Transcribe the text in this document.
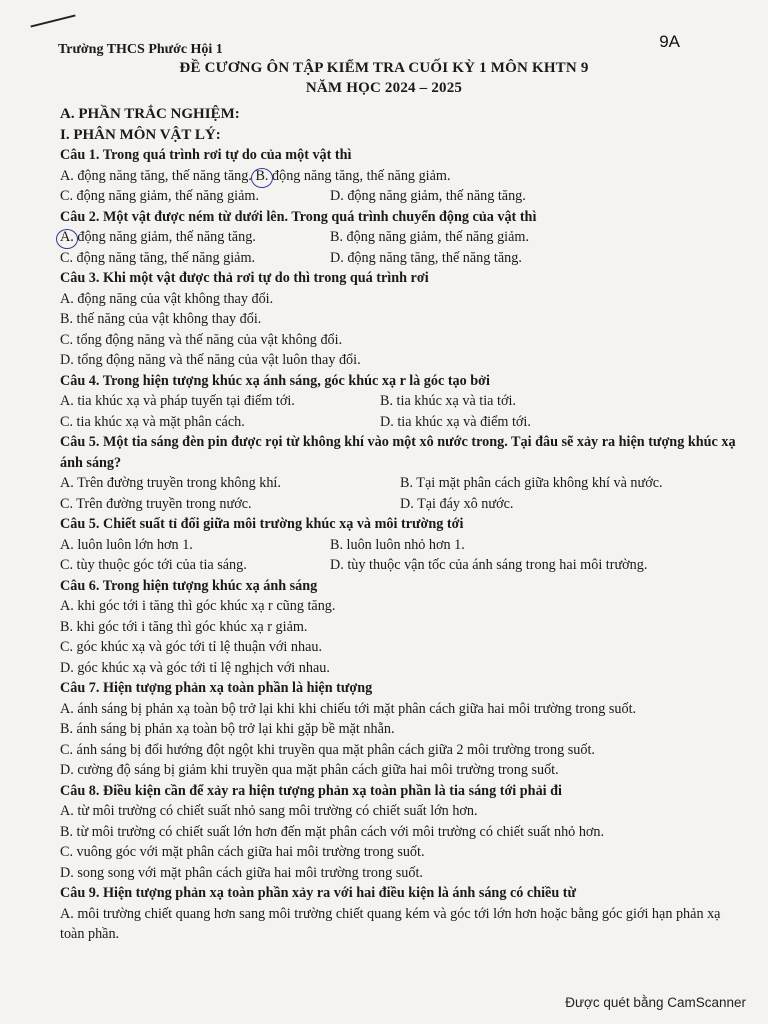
9A
Trường THCS Phước Hội 1
ĐỀ CƯƠNG ÔN TẬP KIỂM TRA CUỐI KỲ 1 MÔN KHTN 9
NĂM HỌC 2024 – 2025
A. PHẦN TRẮC NGHIỆM:
I. PHÂN MÔN VẬT LÝ:
Câu 1. Trong quá trình rơi tự do của một vật thì
A. động năng tăng, thế năng tăng. B. động năng tăng, thế năng giảm.
C. động năng giảm, thế năng giảm.	D. động năng giảm, thế năng tăng.
Câu 2. Một vật được ném từ dưới lên. Trong quá trình chuyển động của vật thì
A. động năng giảm, thế năng tăng.	B. động năng giảm, thế năng giảm.
C. động năng tăng, thế năng giảm.	D. động năng tăng, thế năng tăng.
Câu 3. Khi một vật được thả rơi tự do thì trong quá trình rơi
A. động năng của vật không thay đổi.
B. thế năng của vật không thay đổi.
C. tổng động năng và thế năng của vật không đổi.
D. tổng động năng và thế năng của vật luôn thay đổi.
Câu 4. Trong hiện tượng khúc xạ ánh sáng, góc khúc xạ r là góc tạo bởi
A. tia khúc xạ và pháp tuyến tại điểm tới.	B. tia khúc xạ và tia tới.
C. tia khúc xạ và mặt phân cách.	D. tia khúc xạ và điểm tới.
Câu 5. Một tia sáng đèn pin được rọi từ không khí vào một xô nước trong. Tại đâu sẽ xảy ra hiện tượng khúc xạ ánh sáng?
A. Trên đường truyền trong không khí.	B. Tại mặt phân cách giữa không khí và nước.
C. Trên đường truyền trong nước.	D. Tại đáy xô nước.
Câu 5. Chiết suất tỉ đối giữa môi trường khúc xạ và môi trường tới
A. luôn luôn lớn hơn 1.	B. luôn luôn nhỏ hơn 1.
C. tùy thuộc góc tới của tia sáng.	D. tùy thuộc vận tốc của ánh sáng trong hai môi trường.
Câu 6. Trong hiện tượng khúc xạ ánh sáng
A. khi góc tới i tăng thì góc khúc xạ r cũng tăng.
B. khi góc tới i tăng thì góc khúc xạ r giảm.
C. góc khúc xạ và góc tới tỉ lệ thuận với nhau.
D. góc khúc xạ và góc tới tỉ lệ nghịch với nhau.
Câu 7. Hiện tượng phản xạ toàn phần là hiện tượng
A. ánh sáng bị phản xạ toàn bộ trở lại khi khi chiếu tới mặt phân cách giữa hai môi trường trong suốt.
B. ánh sáng bị phản xạ toàn bộ trở lại khi gặp bề mặt nhẵn.
C. ánh sáng bị đổi hướng đột ngột khi truyền qua mặt phân cách giữa 2 môi trường trong suốt.
D. cường độ sáng bị giảm khi truyền qua mặt phân cách giữa hai môi trường trong suốt.
Câu 8. Điều kiện cần để xảy ra hiện tượng phản xạ toàn phần là tia sáng tới phải đi
A. từ môi trường có chiết suất nhỏ sang môi trường có chiết suất lớn hơn.
B. từ môi trường có chiết suất lớn hơn đến mặt phân cách với môi trường có chiết suất nhỏ hơn.
C. vuông góc với mặt phân cách giữa hai môi trường trong suốt.
D. song song với mặt phân cách giữa hai môi trường trong suốt.
Câu 9. Hiện tượng phản xạ toàn phần xảy ra với hai điều kiện là ánh sáng có chiều từ
A. môi trường chiết quang hơn sang môi trường chiết quang kém và góc tới lớn hơn hoặc bằng góc giới hạn phản xạ toàn phần.
Được quét bằng CamScanner
